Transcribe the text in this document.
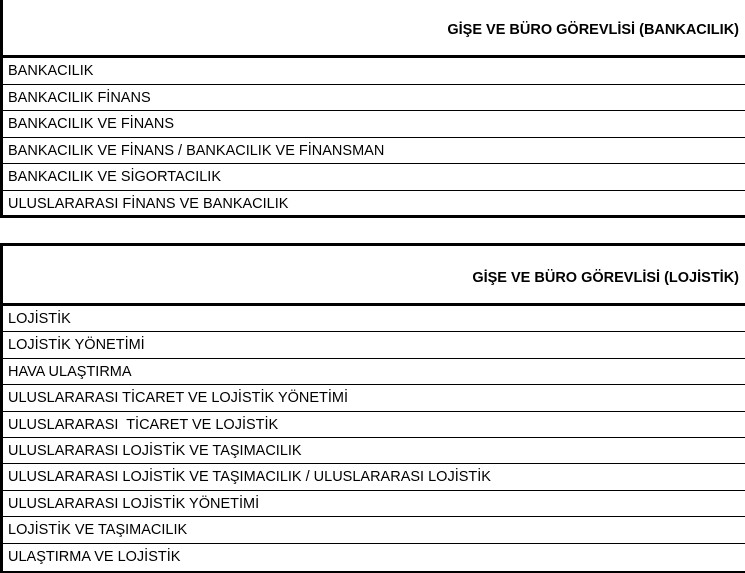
GİŞE VE BÜRO GÖREVLİSİ (BANKACILIK)
BANKACILIK
BANKACILIK FİNANS
BANKACILIK VE FİNANS
BANKACILIK VE FİNANS / BANKACILIK VE FİNANSMAN
BANKACILIK VE SİGORTACILIK
ULUSLARARASI FİNANS VE BANKACILIK
GİŞE VE BÜRO GÖREVLİSİ (LOJİSTİK)
LOJİSTİK
LOJİSTİK YÖNETİMİ
HAVA ULAŞTIRMA
ULUSLARARASI TİCARET VE LOJİSTİK YÖNETİMİ
ULUSLARARASI  TİCARET VE LOJİSTİK
ULUSLARARASI LOJİSTİK VE TAŞIMACILIK
ULUSLARARASI LOJİSTİK VE TAŞIMACILIK / ULUSLARARASI LOJİSTİK
ULUSLARARASI LOJİSTİK YÖNETİMİ
LOJİSTİK VE TAŞIMACILIK
ULAŞTIRMA VE LOJİSTİK
